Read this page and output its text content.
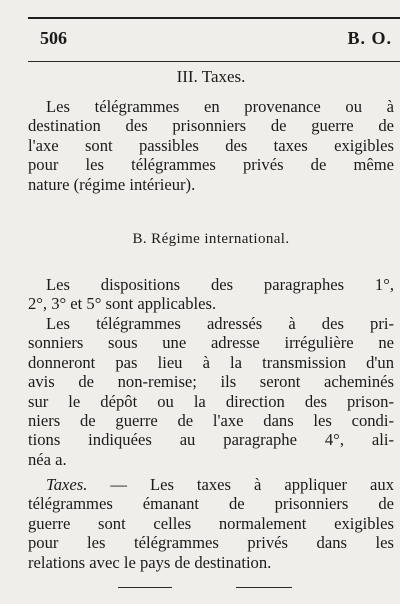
506	B. O.
III. Taxes.
Les télégrammes en provenance ou à
destination des prisonniers de guerre de
l'axe sont passibles des taxes exigibles
pour les télégrammes privés de même
nature (régime intérieur).
B. Régime international.
Les dispositions des paragraphes 1°,
2°, 3° et 5° sont applicables.
Les télégrammes adressés à des pri-
sonniers sous une adresse irrégulière ne
donneront pas lieu à la transmission d'un
avis de non-remise; ils seront acheminés
sur le dépôt ou la direction des prison-
niers de guerre de l'axe dans les condi-
tions indiquées au paragraphe 4°, ali-
néa a.
Taxes. — Les taxes à appliquer aux
télégrammes émanant de prisonniers de
guerre sont celles normalement exigibles
pour les télégrammes privés dans les
relations avec le pays de destination.
